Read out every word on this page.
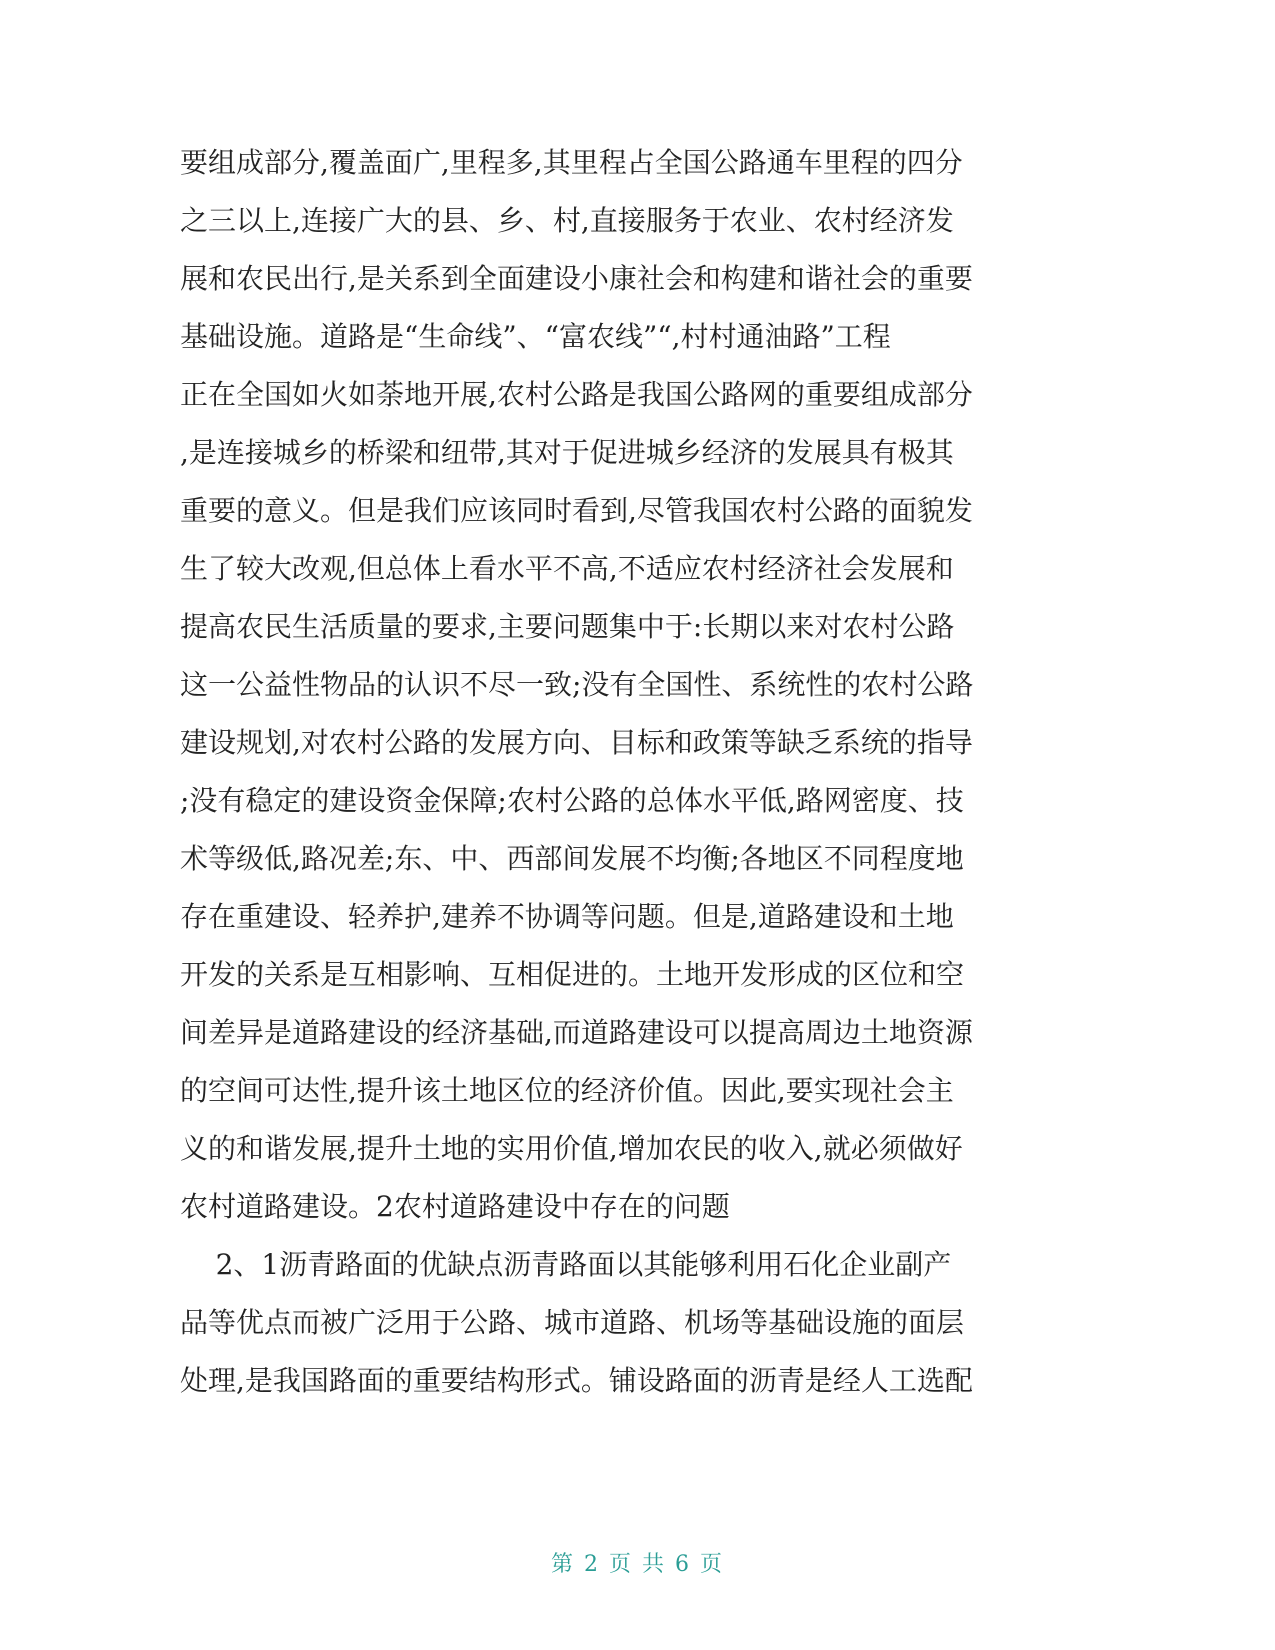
要组成部分,覆盖面广,里程多,其里程占全国公路通车里程的四分
之三以上,连接广大的县、乡、村,直接服务于农业、农村经济发
展和农民出行,是关系到全面建设小康社会和构建和谐社会的重要
基础设施。道路是“生命线”、“富农线”“,村村通油路”工程
正在全国如火如荼地开展,农村公路是我国公路网的重要组成部分
,是连接城乡的桥梁和纽带,其对于促进城乡经济的发展具有极其
重要的意义。但是我们应该同时看到,尽管我国农村公路的面貌发
生了较大改观,但总体上看水平不高,不适应农村经济社会发展和
提高农民生活质量的要求,主要问题集中于:长期以来对农村公路
这一公益性物品的认识不尽一致;没有全国性、系统性的农村公路
建设规划,对农村公路的发展方向、目标和政策等缺乏系统的指导
;没有稳定的建设资金保障;农村公路的总体水平低,路网密度、技
术等级低,路况差;东、中、西部间发展不均衡;各地区不同程度地
存在重建设、轻养护,建养不协调等问题。但是,道路建设和土地
开发的关系是互相影响、互相促进的。土地开发形成的区位和空
间差异是道路建设的经济基础,而道路建设可以提高周边土地资源
的空间可达性,提升该土地区位的经济价值。因此,要实现社会主
义的和谐发展,提升土地的实用价值,增加农民的收入,就必须做好
农村道路建设。2农村道路建设中存在的问题
2、1沥青路面的优缺点沥青路面以其能够利用石化企业副产
品等优点而被广泛用于公路、城市道路、机场等基础设施的面层
处理,是我国路面的重要结构形式。铺设路面的沥青是经人工选配
第 2 页 共 6 页
